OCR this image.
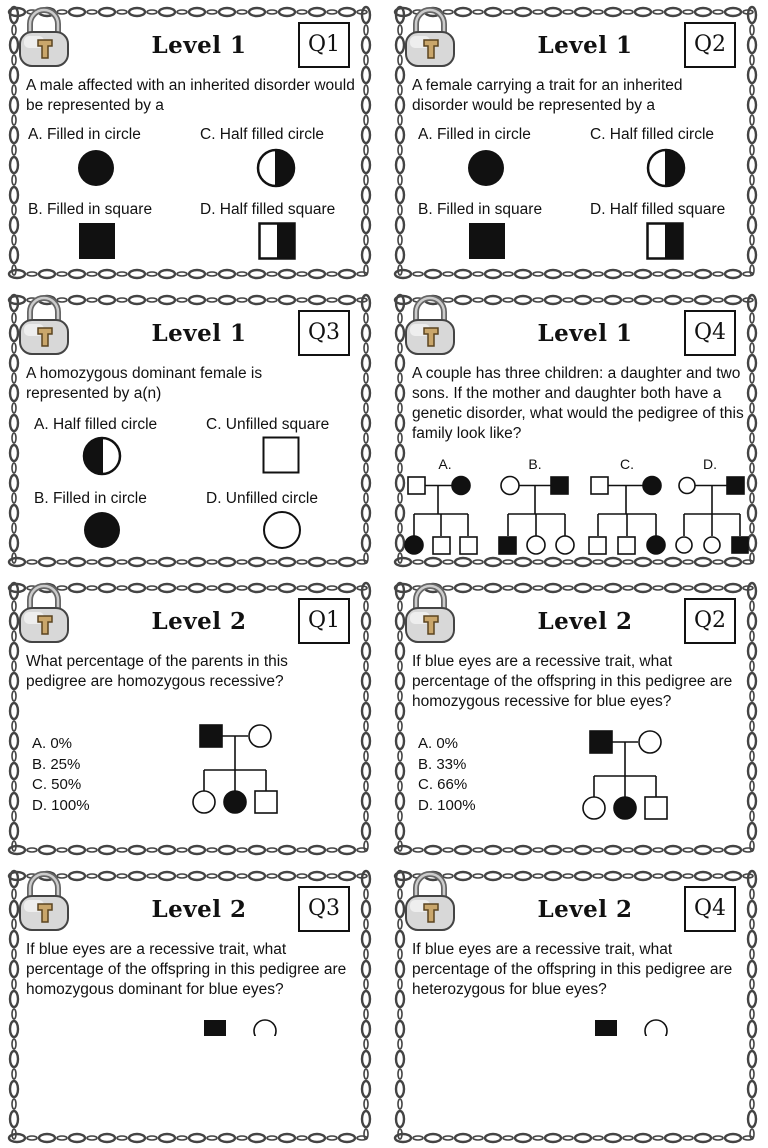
Level 1	Q1
A male affected with an inherited disorder would be represented by a
A. Filled in circle	C. Half filled circle
B. Filled in square	D. Half filled square
Level 1	Q2
A female carrying a trait for an inherited disorder would be represented by a
A. Filled in circle	C. Half filled circle
B. Filled in square	D. Half filled square
Level 1	Q3
A homozygous dominant female is represented by a(n)
A. Half filled circle	C. Unfilled square
B. Filled in circle	D. Unfilled circle
Level 1	Q4
A couple has three children: a daughter and two sons. If the mother and daughter both have a genetic disorder, what would the pedigree of this family look like?
A.	B.	C.	D.
Level 2	Q1
What percentage of the parents in this pedigree are homozygous recessive?
A. 0%
B. 25%
C. 50%
D. 100%
Level 2	Q2
If blue eyes are a recessive trait, what percentage of the offspring in this pedigree are homozygous recessive for blue eyes?
A. 0%
B. 33%
C. 66%
D. 100%
Level 2	Q3
If blue eyes are a recessive trait, what percentage of the offspring in this pedigree are homozygous dominant for blue eyes?
Level 2	Q4
If blue eyes are a recessive trait, what percentage of the offspring in this pedigree are heterozygous for blue eyes?
